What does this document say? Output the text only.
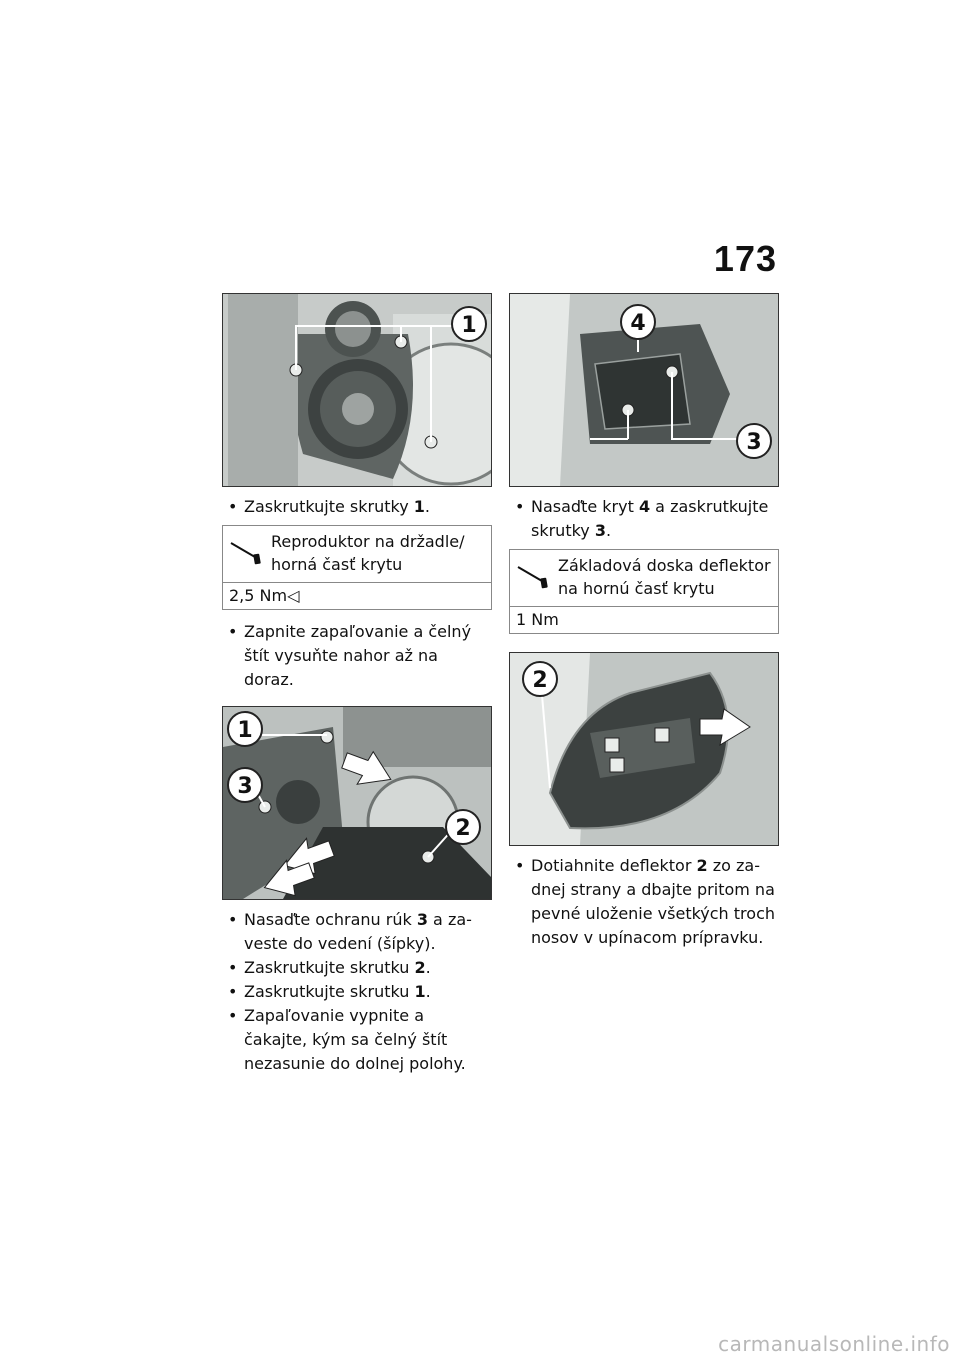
173
1
• Zaskrutkujte skrutky 1.
Reproduktor na držadle/ horná časť krytu
2,5 Nm◁
• Zapnite zapaľovanie a čelný štít vysuňte nahor až na doraz.
1
3
2
• Nasaďte ochranu rúk 3 a zaveste do vedení (šípky).
• Zaskrutkujte skrutku 2.
• Zaskrutkujte skrutku 1.
• Zapaľovanie vypnite a čakajte, kým sa čelný štít nezasunie do dolnej polohy.
4
3
• Nasaďte kryt 4 a zaskrutkujte skrutky 3.
Základová doska deflektor na hornú časť krytu
1 Nm
2
• Dotiahnite deflektor 2 zo zadnej strany a dbajte pritom na pevné uloženie všetkých troch nosov v upínacom prípravku.
carmanualsonline.info
